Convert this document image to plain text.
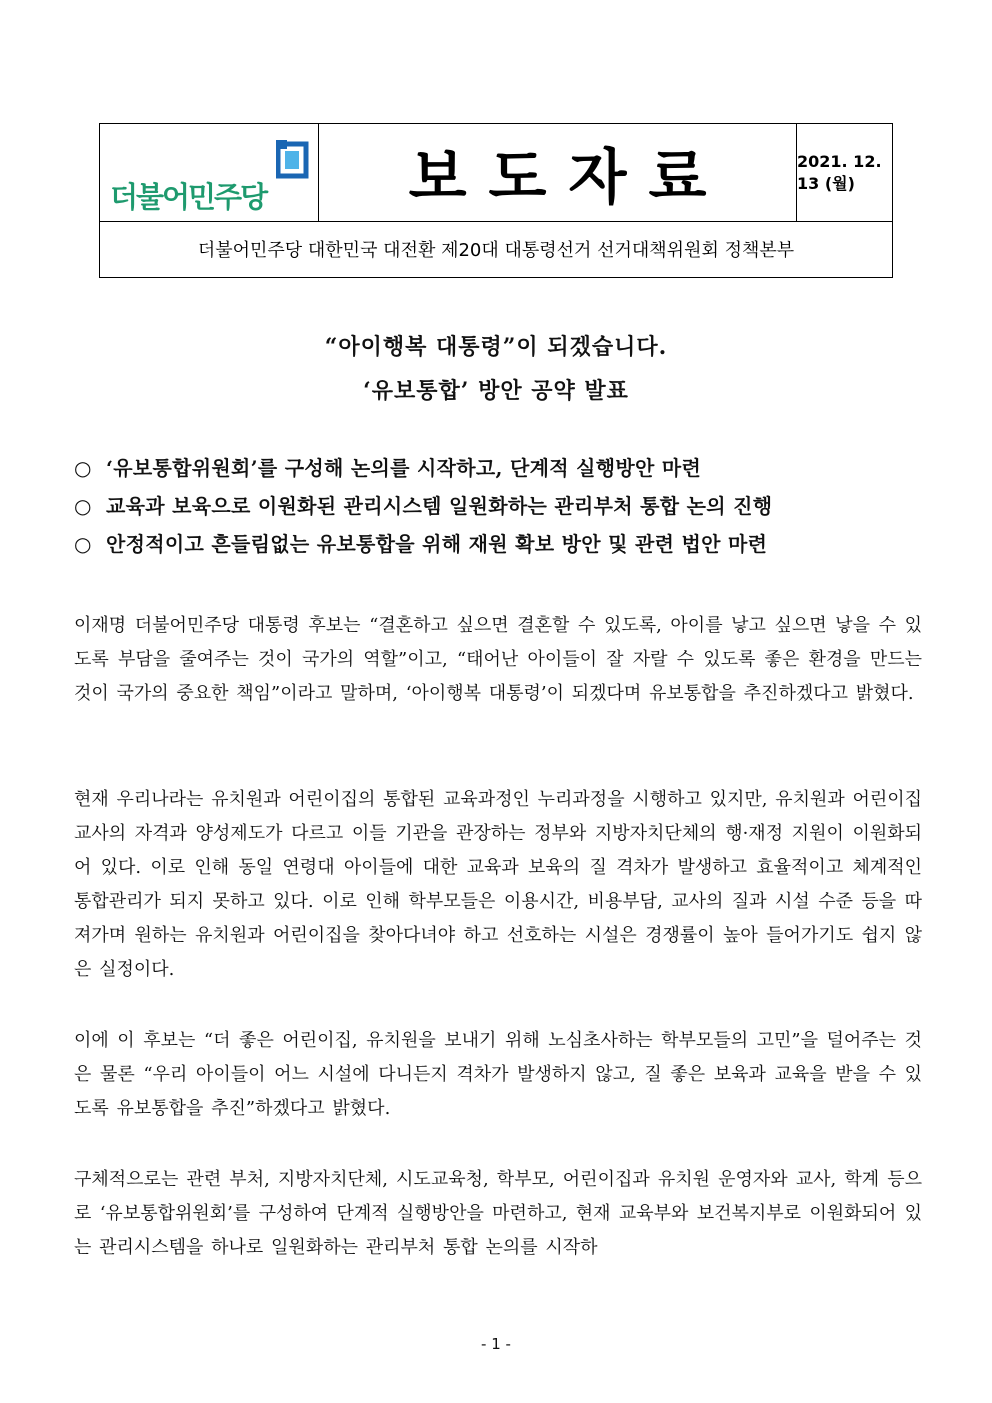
더불어민주당 보도자료	2021. 12. 13 (월)
더불어민주당 대한민국 대전환 제20대 대통령선거 선거대책위원회 정책본부
“아이행복 대통령”이 되겠습니다.
‘유보통합’ 방안 공약 발표
○ ‘유보통합위원회’를 구성해 논의를 시작하고, 단계적 실행방안 마련
○ 교육과 보육으로 이원화된 관리시스템 일원화하는 관리부처 통합 논의 진행
○ 안정적이고 흔들림없는 유보통합을 위해 재원 확보 방안 및 관련 법안 마련

이재명 더불어민주당 대통령 후보는 “결혼하고 싶으면 결혼할 수 있도록, 아이를 낳고 싶으면 낳을 수 있도록 부담을 줄여주는 것이 국가의 역할”이고, “태어난 아이들이 잘 자랄 수 있도록 좋은 환경을 만드는 것이 국가의 중요한 책임”이라고 말하며, ‘아이행복 대통령’이 되겠다며 유보통합을 추진하겠다고 밝혔다.

현재 우리나라는 유치원과 어린이집의 통합된 교육과정인 누리과정을 시행하고 있지만, 유치원과 어린이집 교사의 자격과 양성제도가 다르고 이들 기관을 관장하는 정부와 지방자치단체의 행·재정 지원이 이원화되어 있다. 이로 인해 동일 연령대 아이들에 대한 교육과 보육의 질 격차가 발생하고 효율적이고 체계적인 통합관리가 되지 못하고 있다. 이로 인해 학부모들은 이용시간, 비용부담, 교사의 질과 시설 수준 등을 따져가며 원하는 유치원과 어린이집을 찾아다녀야 하고 선호하는 시설은 경쟁률이 높아 들어가기도 쉽지 않은 실정이다.

이에 이 후보는 “더 좋은 어린이집, 유치원을 보내기 위해 노심초사하는 학부모들의 고민”을 덜어주는 것은 물론 “우리 아이들이 어느 시설에 다니든지 격차가 발생하지 않고, 질 좋은 보육과 교육을 받을 수 있도록 유보통합을 추진”하겠다고 밝혔다.

구체적으로는 관련 부처, 지방자치단체, 시도교육청, 학부모, 어린이집과 유치원 운영자와 교사, 학계 등으로 ‘유보통합위원회’를 구성하여 단계적 실행방안을 마련하고, 현재 교육부와 보건복지부로 이원화되어 있는 관리시스템을 하나로 일원화하는 관리부처 통합 논의를 시작하

- 1 -
